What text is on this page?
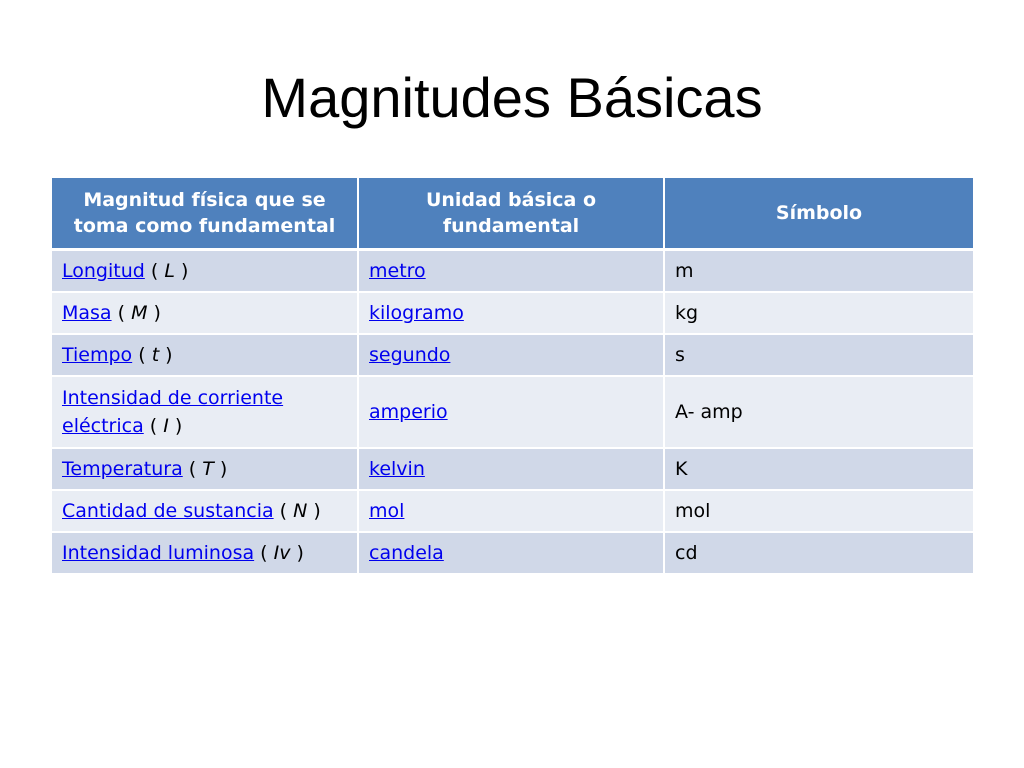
Magnitudes Básicas
Magnitud física que se toma como fundamental	Unidad básica o fundamental	Símbolo
Longitud ( L )	metro	m
Masa ( M )	kilogramo	kg
Tiempo ( t )	segundo	s
Intensidad de corriente eléctrica ( I )	amperio	A- amp
Temperatura ( T )	kelvin	K
Cantidad de sustancia ( N )	mol	mol
Intensidad luminosa ( Iv )	candela	cd
